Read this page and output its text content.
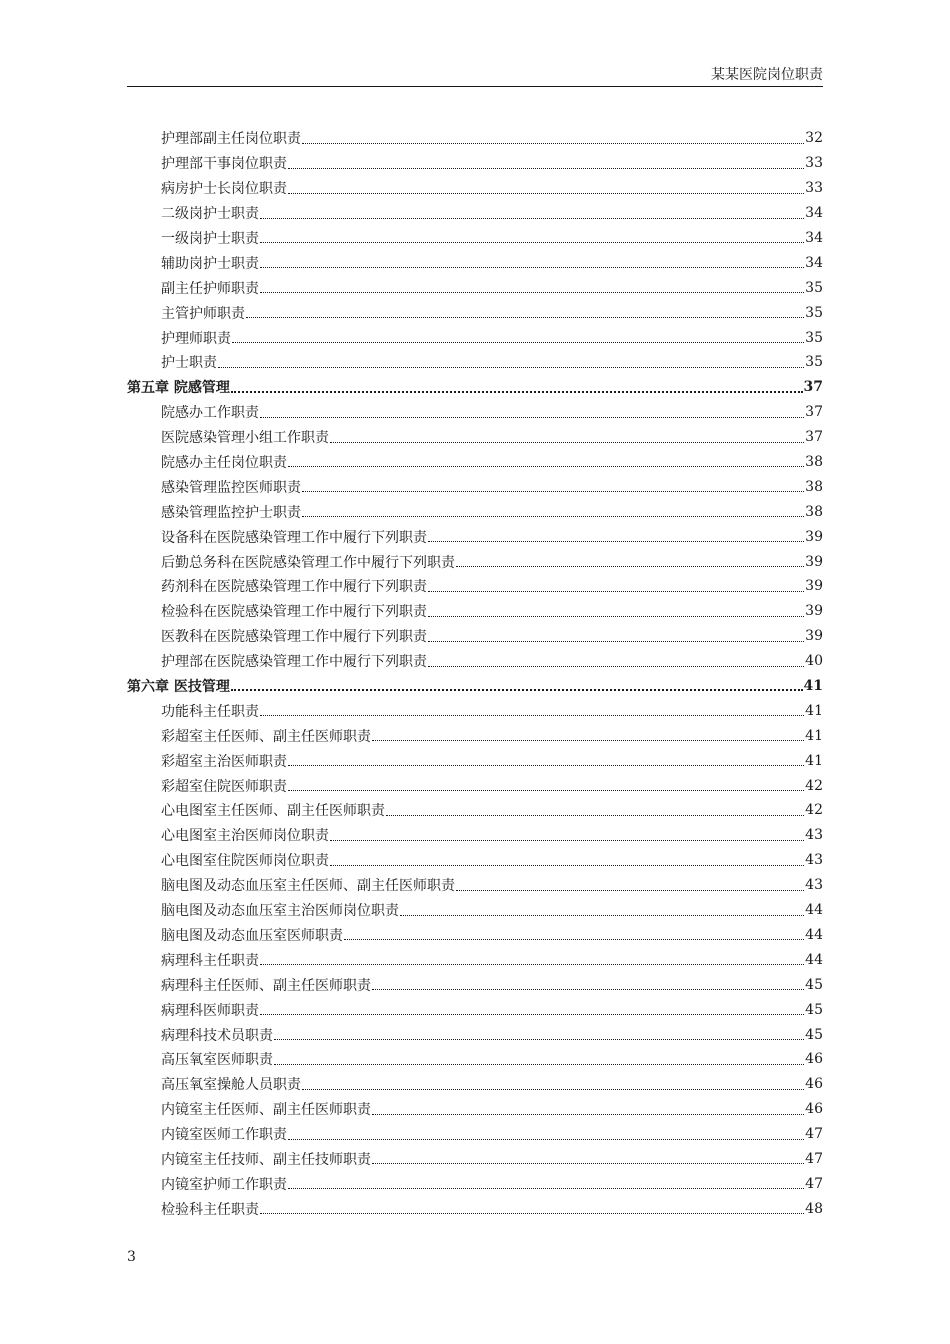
某某医院岗位职责
护理部副主任岗位职责	32
护理部干事岗位职责	33
病房护士长岗位职责	33
二级岗护士职责	34
一级岗护士职责	34
辅助岗护士职责	34
副主任护师职责	35
主管护师职责	35
护理师职责	35
护士职责	35
第五章 院感管理	37
院感办工作职责	37
医院感染管理小组工作职责	37
院感办主任岗位职责	38
感染管理监控医师职责	38
感染管理监控护士职责	38
设备科在医院感染管理工作中履行下列职责	39
后勤总务科在医院感染管理工作中履行下列职责	39
药剂科在医院感染管理工作中履行下列职责	39
检验科在医院感染管理工作中履行下列职责	39
医教科在医院感染管理工作中履行下列职责	39
护理部在医院感染管理工作中履行下列职责	40
第六章 医技管理	41
功能科主任职责	41
彩超室主任医师、副主任医师职责	41
彩超室主治医师职责	41
彩超室住院医师职责	42
心电图室主任医师、副主任医师职责	42
心电图室主治医师岗位职责	43
心电图室住院医师岗位职责	43
脑电图及动态血压室主任医师、副主任医师职责	43
脑电图及动态血压室主治医师岗位职责	44
脑电图及动态血压室医师职责	44
病理科主任职责	44
病理科主任医师、副主任医师职责	45
病理科医师职责	45
病理科技术员职责	45
高压氧室医师职责	46
高压氧室操舱人员职责	46
内镜室主任医师、副主任医师职责	46
内镜室医师工作职责	47
内镜室主任技师、副主任技师职责	47
内镜室护师工作职责	47
检验科主任职责	48
3
